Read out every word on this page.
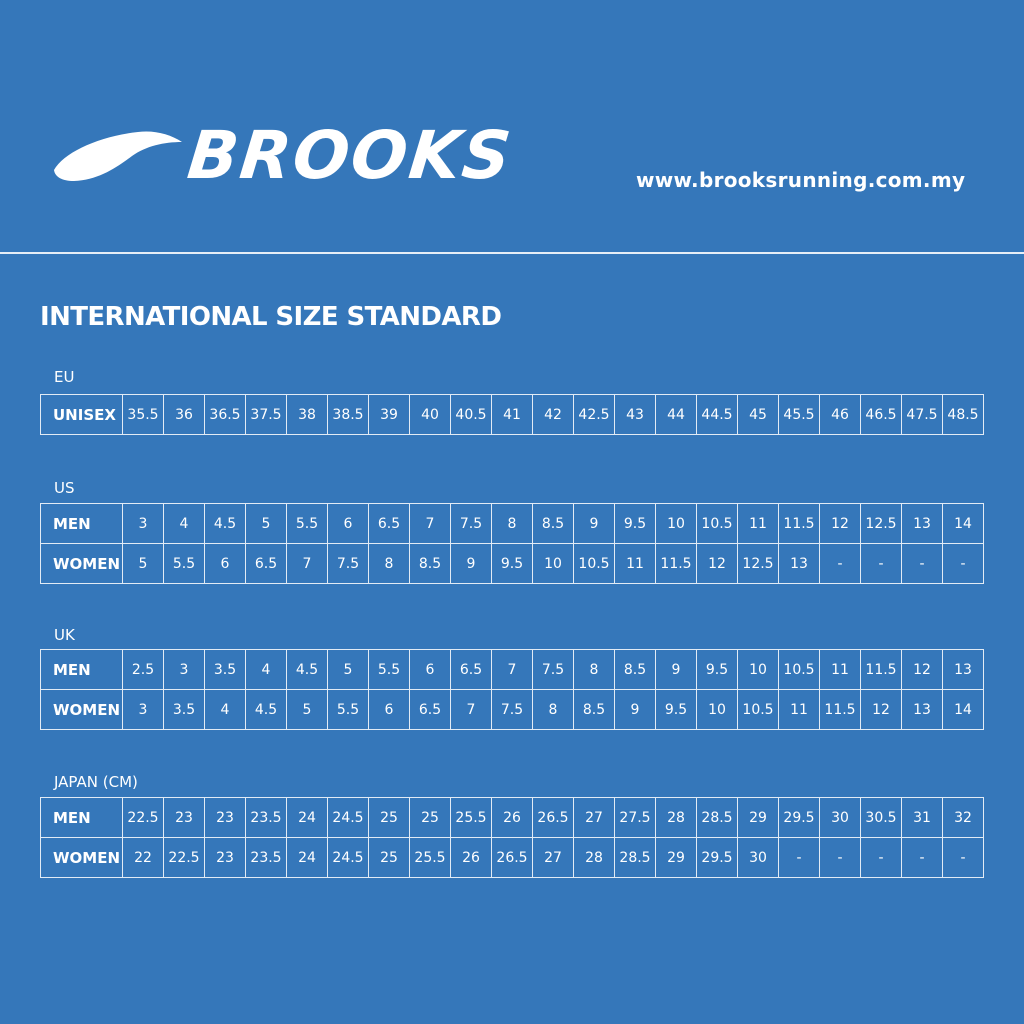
BROOKS	www.brooksrunning.com.my
INTERNATIONAL SIZE STANDARD
EU
UNISEX	35.5	36	36.5	37.5	38	38.5	39	40	40.5	41	42	42.5	43	44	44.5	45	45.5	46	46.5	47.5	48.5
US
MEN	3	4	4.5	5	5.5	6	6.5	7	7.5	8	8.5	9	9.5	10	10.5	11	11.5	12	12.5	13	14
WOMEN	5	5.5	6	6.5	7	7.5	8	8.5	9	9.5	10	10.5	11	11.5	12	12.5	13	-	-	-	-
UK
MEN	2.5	3	3.5	4	4.5	5	5.5	6	6.5	7	7.5	8	8.5	9	9.5	10	10.5	11	11.5	12	13
WOMEN	3	3.5	4	4.5	5	5.5	6	6.5	7	7.5	8	8.5	9	9.5	10	10.5	11	11.5	12	13	14
JAPAN (CM)
MEN	22.5	23	23	23.5	24	24.5	25	25	25.5	26	26.5	27	27.5	28	28.5	29	29.5	30	30.5	31	32
WOMEN	22	22.5	23	23.5	24	24.5	25	25.5	26	26.5	27	28	28.5	29	29.5	30	-	-	-	-	-
